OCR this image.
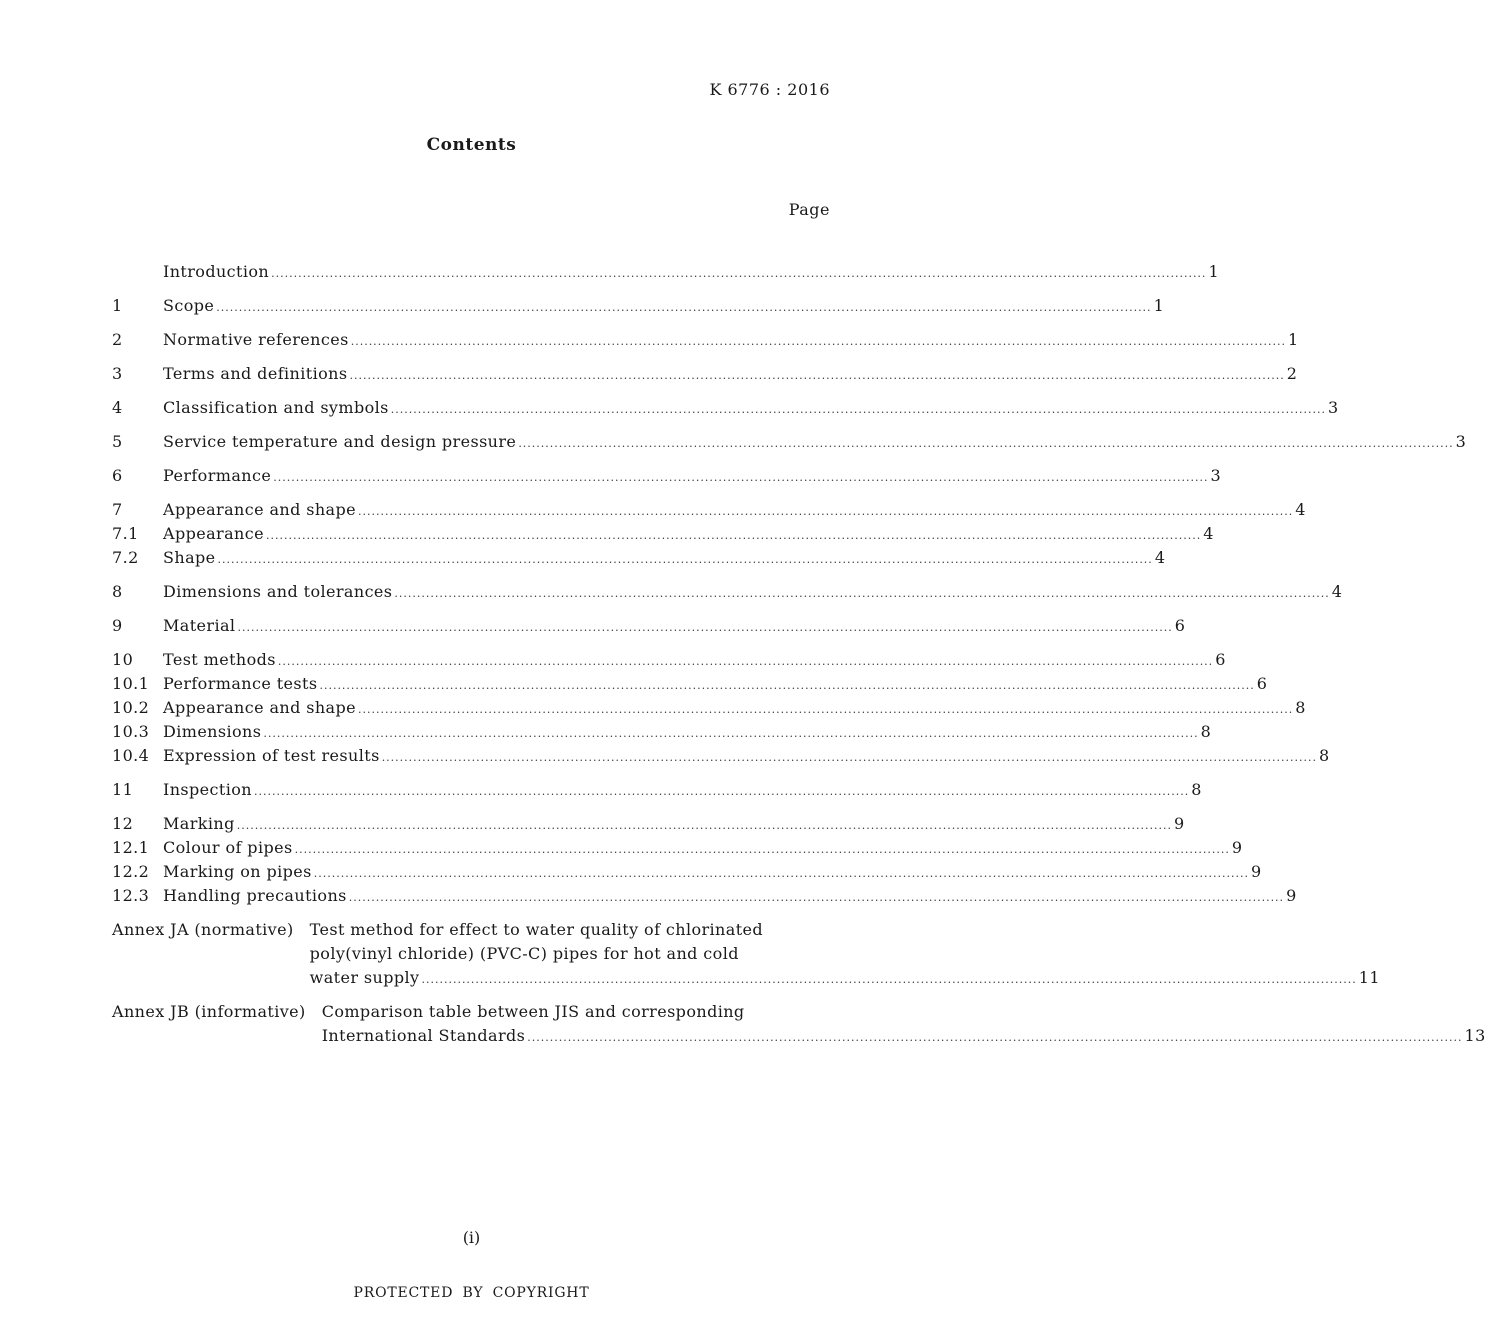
K 6776 : 2016
Contents
Page
Introduction .....	1
1	Scope .....	1
2	Normative references .....	1
3	Terms and definitions .....	2
4	Classification and symbols .....	3
5	Service temperature and design pressure .....	3
6	Performance .....	3
7	Appearance and shape .....	4
7.1	Appearance .....	4
7.2	Shape .....	4
8	Dimensions and tolerances .....	4
9	Material .....	6
10	Test methods .....	6
10.1 Performance tests .....	6
10.2 Appearance and shape .....	8
10.3 Dimensions .....	8
10.4 Expression of test results .....	8
11	Inspection .....	8
12	Marking .....	9
12.1 Colour of pipes .....	9
12.2 Marking on pipes .....	9
12.3 Handling precautions .....	9
Annex JA (normative) Test method for effect to water quality of chlorinated
poly(vinyl chloride) (PVC-C) pipes for hot and cold
water supply .....	11
Annex JB (informative) Comparison table between JIS and corresponding
International Standards .....	13
(i)
PROTECTED BY COPYRIGHT
